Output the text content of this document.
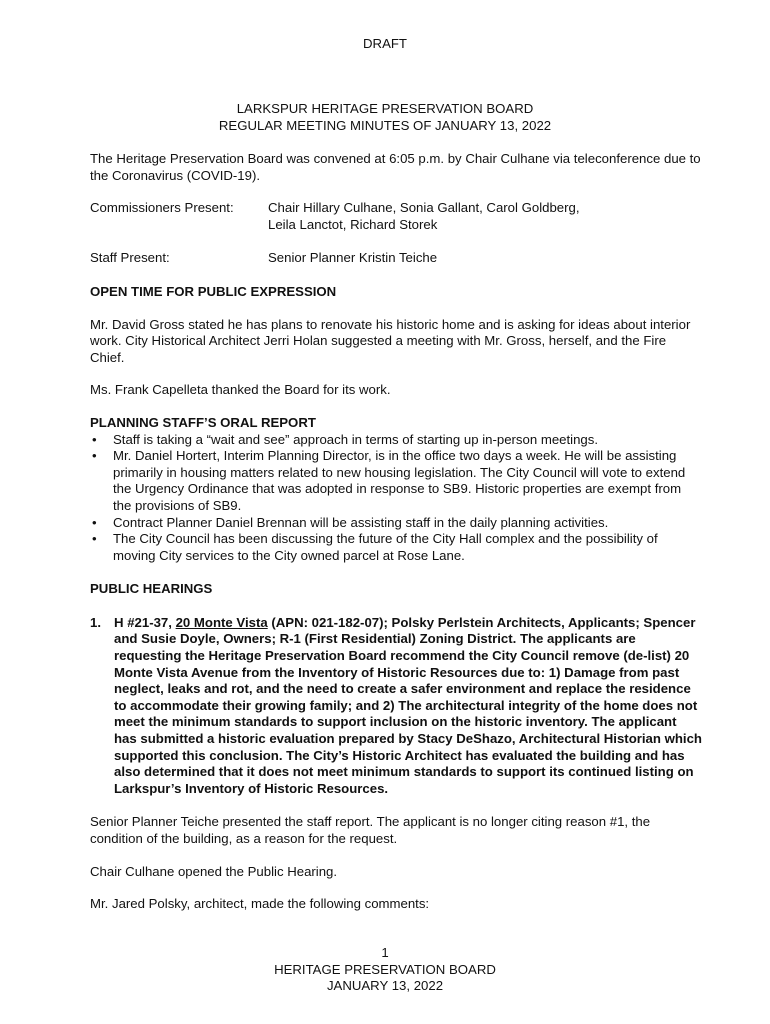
DRAFT
LARKSPUR HERITAGE PRESERVATION BOARD
REGULAR MEETING MINUTES OF JANUARY 13, 2022

The Heritage Preservation Board was convened at 6:05 p.m. by Chair Culhane via teleconference due to the Coronavirus (COVID-19).

Commissioners Present:	Chair Hillary Culhane, Sonia Gallant, Carol Goldberg,
Leila Lanctot, Richard Storek
Staff Present:	Senior Planner Kristin Teiche
OPEN TIME FOR PUBLIC EXPRESSION

Mr. David Gross stated he has plans to renovate his historic home and is asking for ideas about interior work. City Historical Architect Jerri Holan suggested a meeting with Mr. Gross, herself, and the Fire Chief.

Ms. Frank Capelleta thanked the Board for its work.

PLANNING STAFF’S ORAL REPORT
• Staff is taking a “wait and see” approach in terms of starting up in-person meetings.
• Mr. Daniel Hortert, Interim Planning Director, is in the office two days a week. He will be assisting primarily in housing matters related to new housing legislation. The City Council will vote to extend the Urgency Ordinance that was adopted in response to SB9. Historic properties are exempt from the provisions of SB9.
• Contract Planner Daniel Brennan will be assisting staff in the daily planning activities.
• The City Council has been discussing the future of the City Hall complex and the possibility of moving City services to the City owned parcel at Rose Lane.
PUBLIC HEARINGS
1. H #21-37, 20 Monte Vista (APN: 021-182-07); Polsky Perlstein Architects, Applicants; Spencer and Susie Doyle, Owners; R-1 (First Residential) Zoning District. The applicants are requesting the Heritage Preservation Board recommend the City Council remove (de-list) 20 Monte Vista Avenue from the Inventory of Historic Resources due to: 1) Damage from past neglect, leaks and rot, and the need to create a safer environment and replace the residence to accommodate their growing family; and 2) The architectural integrity of the home does not meet the minimum standards to support inclusion on the historic inventory. The applicant has submitted a historic evaluation prepared by Stacy DeShazo, Architectural Historian which supported this conclusion. The City’s Historic Architect has evaluated the building and has also determined that it does not meet minimum standards to support its continued listing on Larkspur’s Inventory of Historic Resources.

Senior Planner Teiche presented the staff report. The applicant is no longer citing reason #1, the condition of the building, as a reason for the request.

Chair Culhane opened the Public Hearing.

Mr. Jared Polsky, architect, made the following comments:

1
HERITAGE PRESERVATION BOARD
JANUARY 13, 2022
